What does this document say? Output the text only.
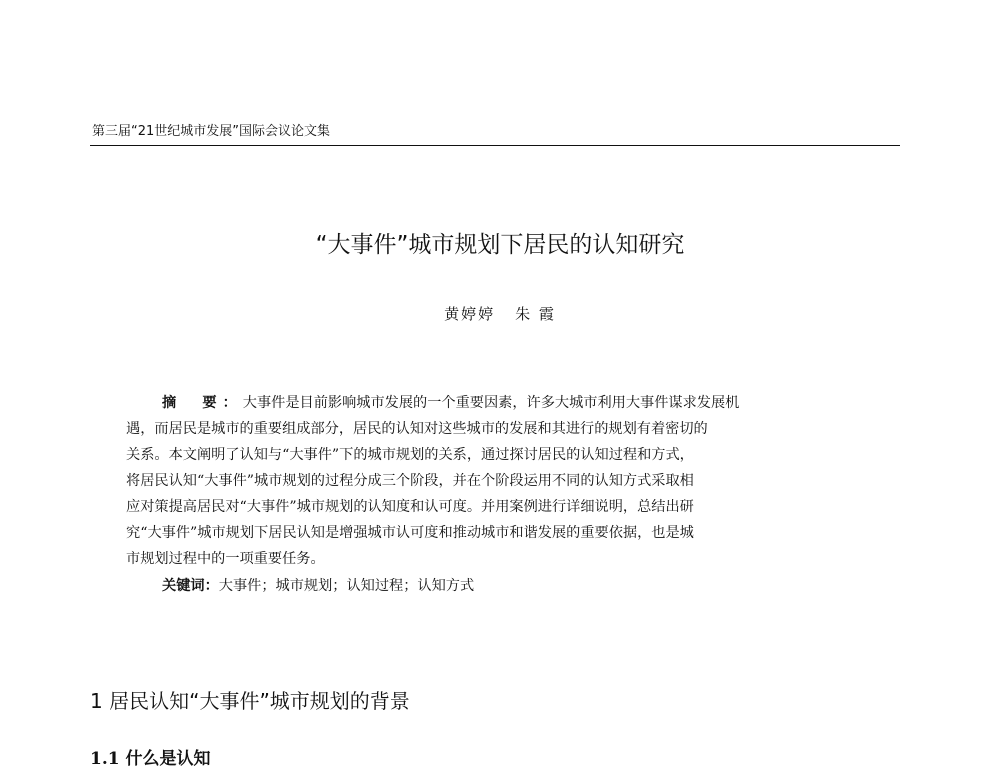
第三届“21世纪城市发展”国际会议论文集
“大事件”城市规划下居民的认知研究
黄婷婷 朱 霞
摘　要：大事件是目前影响城市发展的一个重要因素，许多大城市利用大事件谋求发展机
遇，而居民是城市的重要组成部分，居民的认知对这些城市的发展和其进行的规划有着密切的
关系。本文阐明了认知与“大事件”下的城市规划的关系，通过探讨居民的认知过程和方式，
将居民认知“大事件”城市规划的过程分成三个阶段，并在个阶段运用不同的认知方式采取相
应对策提高居民对“大事件”城市规划的认知度和认可度。并用案例进行详细说明，总结出研
究“大事件”城市规划下居民认知是增强城市认可度和推动城市和谐发展的重要依据，也是城
市规划过程中的一项重要任务。
关键词：大事件；城市规划；认知过程；认知方式
1 居民认知“大事件”城市规划的背景
1.1 什么是认知
